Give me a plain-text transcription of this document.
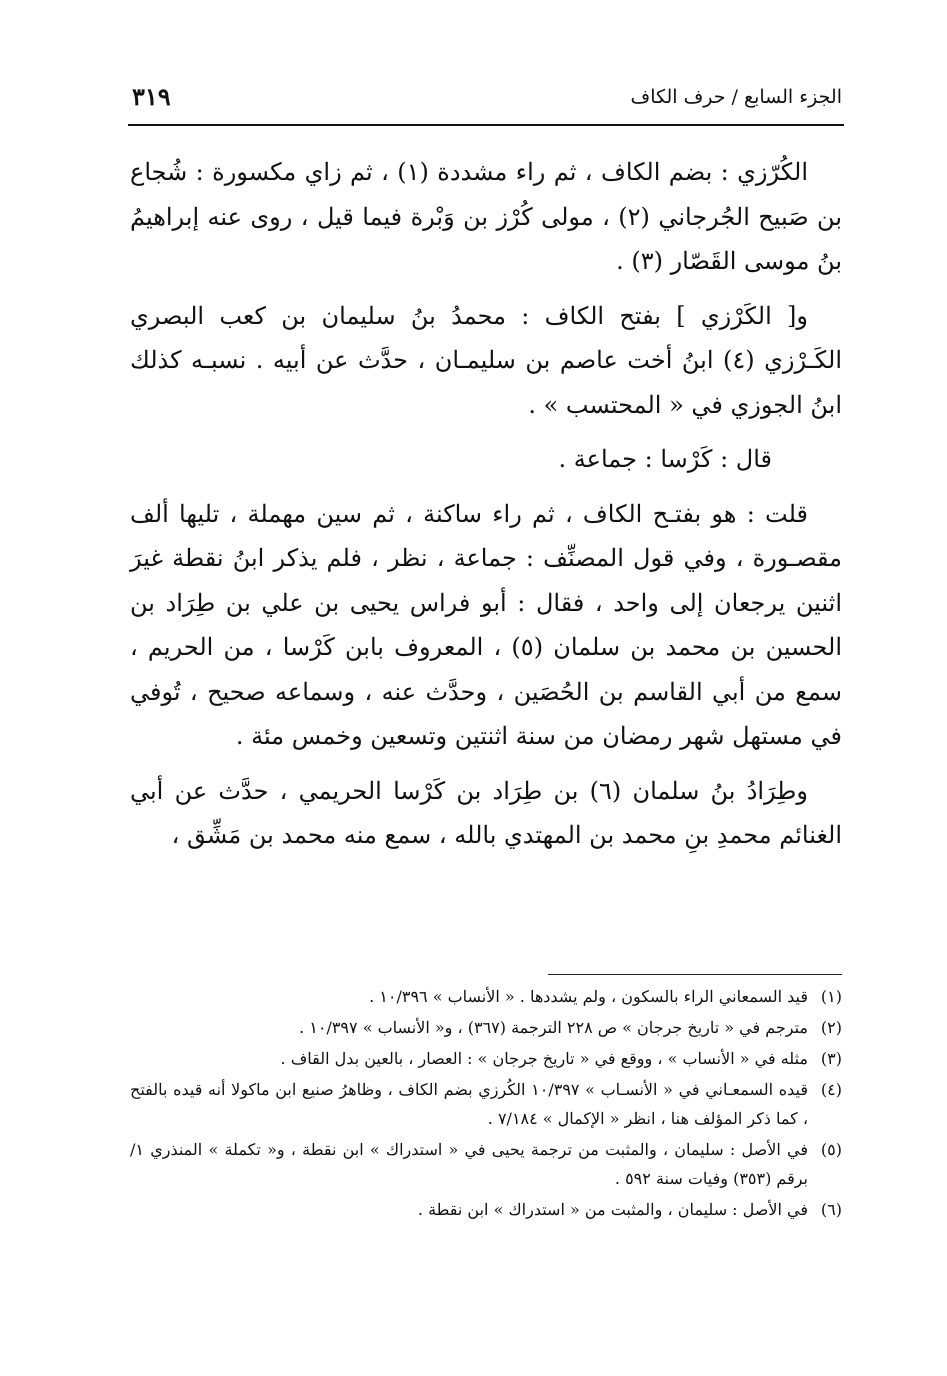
الجزء السابع / حرف الكاف
٣١٩

الكُرّزي : بضم الكاف ، ثم راء مشددة (١) ، ثم زاي مكسورة : شُجاع بن صَبيح الجُرجاني (٢) ، مولى كُرْز بن وَبْرة فيما قيل ، روى عنه إبراهيمُ بنُ موسى القَصّار (٣) .

و[ الكَرْزي ] بفتح الكاف : محمدُ بنُ سليمان بن كعب البصري الكَـرْزي (٤) ابنُ أخت عاصم بن سليمـان ، حدَّث عن أبيه . نسبـه كذلك ابنُ الجوزي في « المحتسب » .

قال : كَرْسا : جماعة .

قلت : هو بفتـح الكاف ، ثم راء ساكنة ، ثم سين مهملة ، تليها ألف مقصـورة ، وفي قول المصنِّف : جماعة ، نظر ، فلم يذكر ابنُ نقطة غيرَ اثنين يرجعان إلى واحد ، فقال : أبو فراس يحيى بن علي بن طِرَاد بن الحسين بن محمد بن سلمان (٥) ، المعروف بابن كَرْسا ، من الحريم ، سمع من أبي القاسم بن الحُصَين ، وحدَّث عنه ، وسماعه صحيح ، تُوفي في مستهل شهر رمضان من سنة اثنتين وتسعين وخمس مئة .

وطِرَادُ بنُ سلمان (٦) بن طِرَاد بن كَرْسا الحريمي ، حدَّث عن أبي الغنائم محمدِ بنِ محمد بن المهتدي بالله ، سمع منه محمد بن مَشِّق ،

(١)
قيد السمعاني الراء بالسكون ، ولم يشددها . « الأنساب » ١٠/٣٩٦ .
(٢)
مترجم في « تاريخ جرجان » ص ٢٢٨ الترجمة (٣٦٧) ، و« الأنساب » ١٠/٣٩٧ .
(٣)
مثله في « الأنساب » ، ووقع في « تاريخ جرجان » : العصار ، بالعين بدل القاف .
(٤)
قيده السمعـاني في « الأنسـاب » ١٠/٣٩٧ الكُرزي بضم الكاف ، وظاهرُ صنيع ابن ماكولا أنه قيده بالفتح ، كما ذكر المؤلف هنا ، انظر « الإكمال » ٧/١٨٤ .
(٥)
في الأصل : سليمان ، والمثبت من ترجمة يحيى في « استدراك » ابن نقطة ، و« تكملة » المنذري ١/ برقم (٣٥٣) وفيات سنة ٥٩٢ .
(٦)
في الأصل : سليمان ، والمثبت من « استدراك » ابن نقطة .
